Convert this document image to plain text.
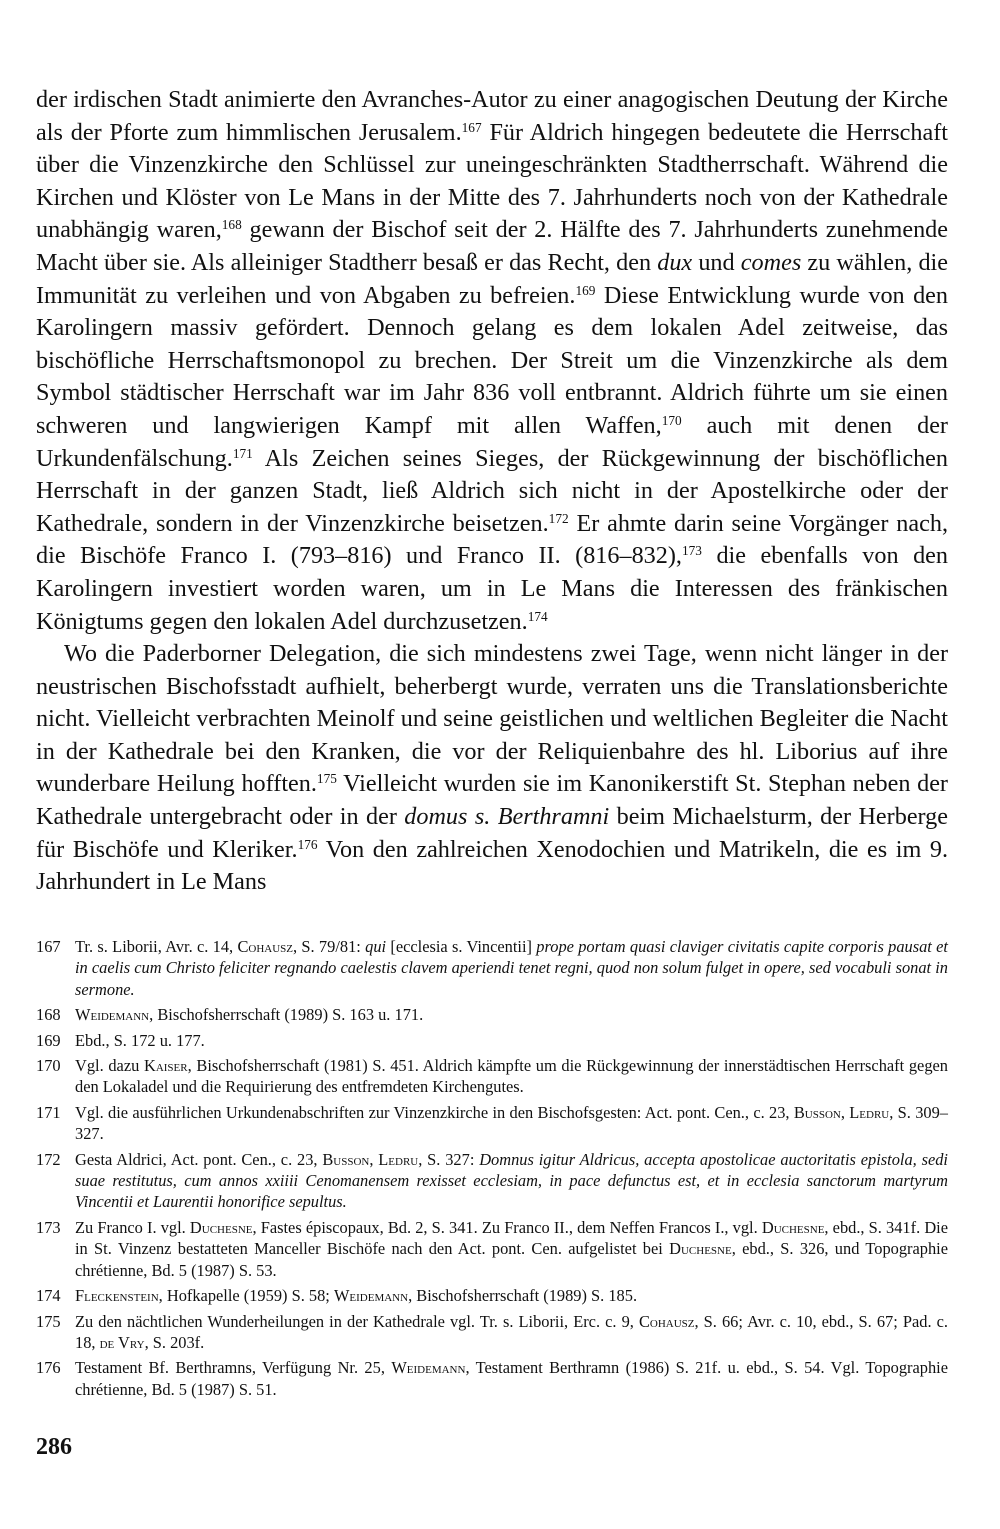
der irdischen Stadt animierte den Avranches-Autor zu einer anagogischen Deutung der Kirche als der Pforte zum himmlischen Jerusalem.$^{167}$ Für Aldrich hingegen bedeutete die Herrschaft über die Vinzenzkirche den Schlüssel zur uneingeschränkten Stadtherrschaft. Während die Kirchen und Klöster von Le Mans in der Mitte des 7. Jahrhunderts noch von der Kathedrale unabhängig waren,$^{168}$ gewann der Bischof seit der 2. Hälfte des 7. Jahrhunderts zunehmende Macht über sie. Als alleiniger Stadtherr besaß er das Recht, den dux und comes zu wählen, die Immunität zu verleihen und von Abgaben zu befreien.$^{169}$ Diese Entwicklung wurde von den Karolingern massiv gefördert. Dennoch gelang es dem lokalen Adel zeitweise, das bischöfliche Herrschaftsmonopol zu brechen. Der Streit um die Vinzenzkirche als dem Symbol städtischer Herrschaft war im Jahr 836 voll entbrannt. Aldrich führte um sie einen schweren und langwierigen Kampf mit allen Waffen,$^{170}$ auch mit denen der Urkundenfälschung.$^{171}$ Als Zeichen seines Sieges, der Rückgewinnung der bischöflichen Herrschaft in der ganzen Stadt, ließ Aldrich sich nicht in der Apostelkirche oder der Kathedrale, sondern in der Vinzenzkirche beisetzen.$^{172}$ Er ahmte darin seine Vorgänger nach, die Bischöfe Franco I. (793–816) und Franco II. (816–832),$^{173}$ die ebenfalls von den Karolingern investiert worden waren, um in Le Mans die Interessen des fränkischen Königtums gegen den lokalen Adel durchzusetzen.$^{174}$

Wo die Paderborner Delegation, die sich mindestens zwei Tage, wenn nicht länger in der neustrischen Bischofsstadt aufhielt, beherbergt wurde, verraten uns die Translationsberichte nicht. Vielleicht verbrachten Meinolf und seine geistlichen und weltlichen Begleiter die Nacht in der Kathedrale bei den Kranken, die vor der Reliquienbahre des hl. Liborius auf ihre wunderbare Heilung hofften.$^{175}$ Vielleicht wurden sie im Kanonikerstift St. Stephan neben der Kathedrale untergebracht oder in der domus s. Berthramni beim Michaelsturm, der Herberge für Bischöfe und Kleriker.$^{176}$ Von den zahlreichen Xenodochien und Matrikeln, die es im 9. Jahrhundert in Le Mans

167 Tr. s. Liborii, Avr. c. 14, Cohausz, S. 79/81: qui [ecclesia s. Vincentii] prope portam quasi claviger civitatis capite corporis pausat et in caelis cum Christo feliciter regnando caelestis clavem aperiendi tenet regni, quod non solum fulget in opere, sed vocabuli sonat in sermone.
168 Weidemann, Bischofsherrschaft (1989) S. 163 u. 171.
169 Ebd., S. 172 u. 177.
170 Vgl. dazu Kaiser, Bischofsherrschaft (1981) S. 451. Aldrich kämpfte um die Rückgewinnung der innerstädtischen Herrschaft gegen den Lokaladel und die Requirierung des entfremdeten Kirchengutes.
171 Vgl. die ausführlichen Urkundenabschriften zur Vinzenzkirche in den Bischofsgesten: Act. pont. Cen., c. 23, Busson, Ledru, S. 309–327.
172 Gesta Aldrici, Act. pont. Cen., c. 23, Busson, Ledru, S. 327: Domnus igitur Aldricus, accepta apostolicae auctoritatis epistola, sedi suae restitutus, cum annos xxiiii Cenomanensem rexisset ecclesiam, in pace defunctus est, et in ecclesia sanctorum martyrum Vincentii et Laurentii honorifice sepultus.
173 Zu Franco I. vgl. Duchesne, Fastes épiscopaux, Bd. 2, S. 341. Zu Franco II., dem Neffen Francos I., vgl. Duchesne, ebd., S. 341f. Die in St. Vinzenz bestatteten Manceller Bischöfe nach den Act. pont. Cen. aufgelistet bei Duchesne, ebd., S. 326, und Topographie chrétienne, Bd. 5 (1987) S. 53.
174 Fleckenstein, Hofkapelle (1959) S. 58; Weidemann, Bischofsherrschaft (1989) S. 185.
175 Zu den nächtlichen Wunderheilungen in der Kathedrale vgl. Tr. s. Liborii, Erc. c. 9, Cohausz, S. 66; Avr. c. 10, ebd., S. 67; Pad. c. 18, de Vry, S. 203f.
176 Testament Bf. Berthramns, Verfügung Nr. 25, Weidemann, Testament Berthramn (1986) S. 21f. u. ebd., S. 54. Vgl. Topographie chrétienne, Bd. 5 (1987) S. 51.
286
